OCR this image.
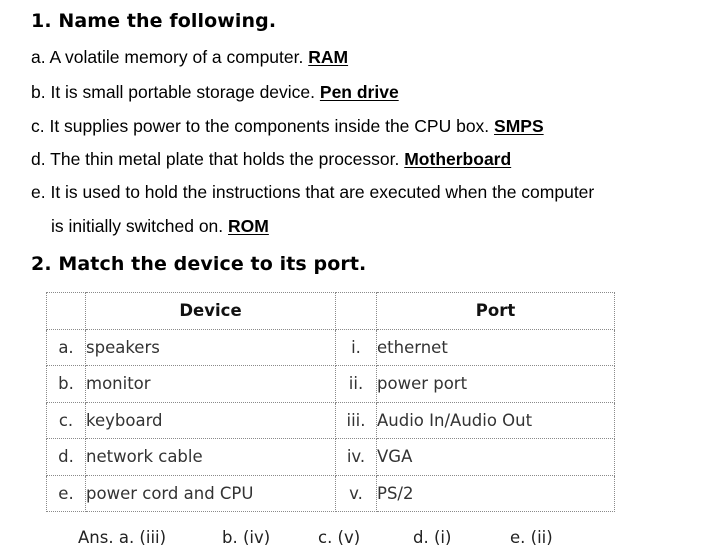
1. Name the following.
a. A volatile memory of a computer. RAM
b. It is small portable storage device. Pen drive
c. It supplies power to the components inside the CPU box. SMPS
d. The thin metal plate that holds the processor. Motherboard
e. It is used to hold the instructions that are executed when the computer
is initially switched on. ROM
2. Match the device to its port.
	Device		Port
a.	speakers	i.	ethernet
b.	monitor	ii.	power port
c.	keyboard	iii.	Audio In/Audio Out
d.	network cable	iv.	VGA
e.	power cord and CPU	v.	PS/2
Ans. a. (iii)	b. (iv)	c. (v)	d. (i)	e. (ii)
